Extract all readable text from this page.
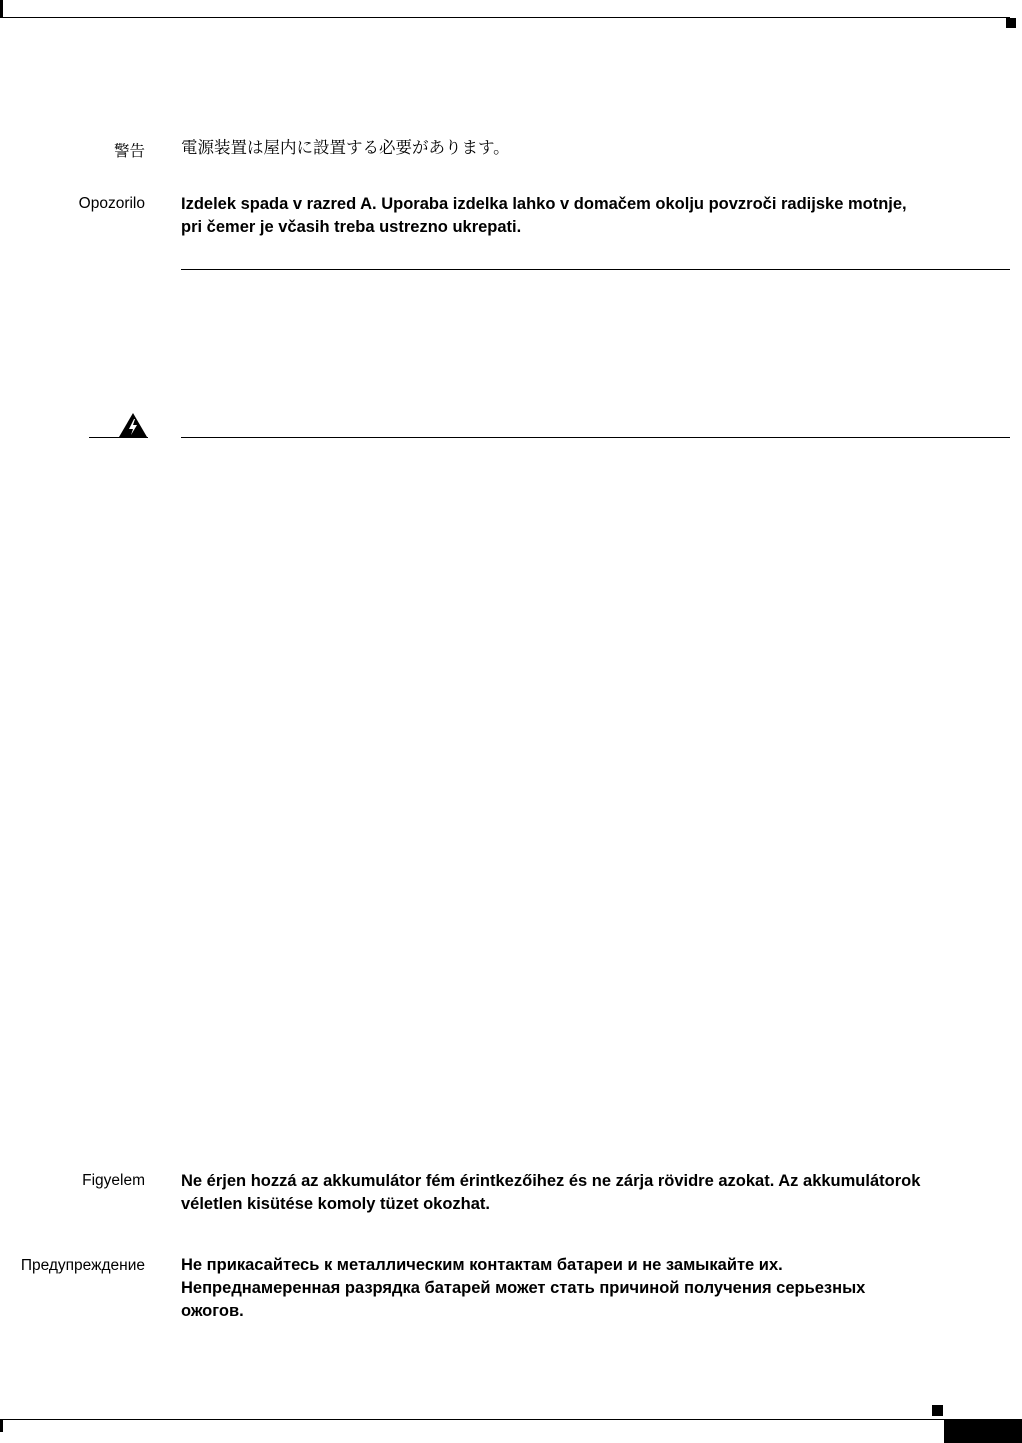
警告 電源装置は屋内に設置する必要があります。
Opozorilo Izdelek spada v razred A. Uporaba izdelka lahko v domačem okolju povzroči radijske motnje,
pri čemer je včasih treba ustrezno ukrepati.
Figyelem Ne érjen hozzá az akkumulátor fém érintkezőihez és ne zárja rövidre azokat. Az akkumulátorok
véletlen kisütése komoly tüzet okozhat.
Предупреждение Не прикасайтесь к металлическим контактам батареи и не замыкайте их.
Непреднамеренная разрядка батарей может стать причиной получения серьезных
ожогов.
